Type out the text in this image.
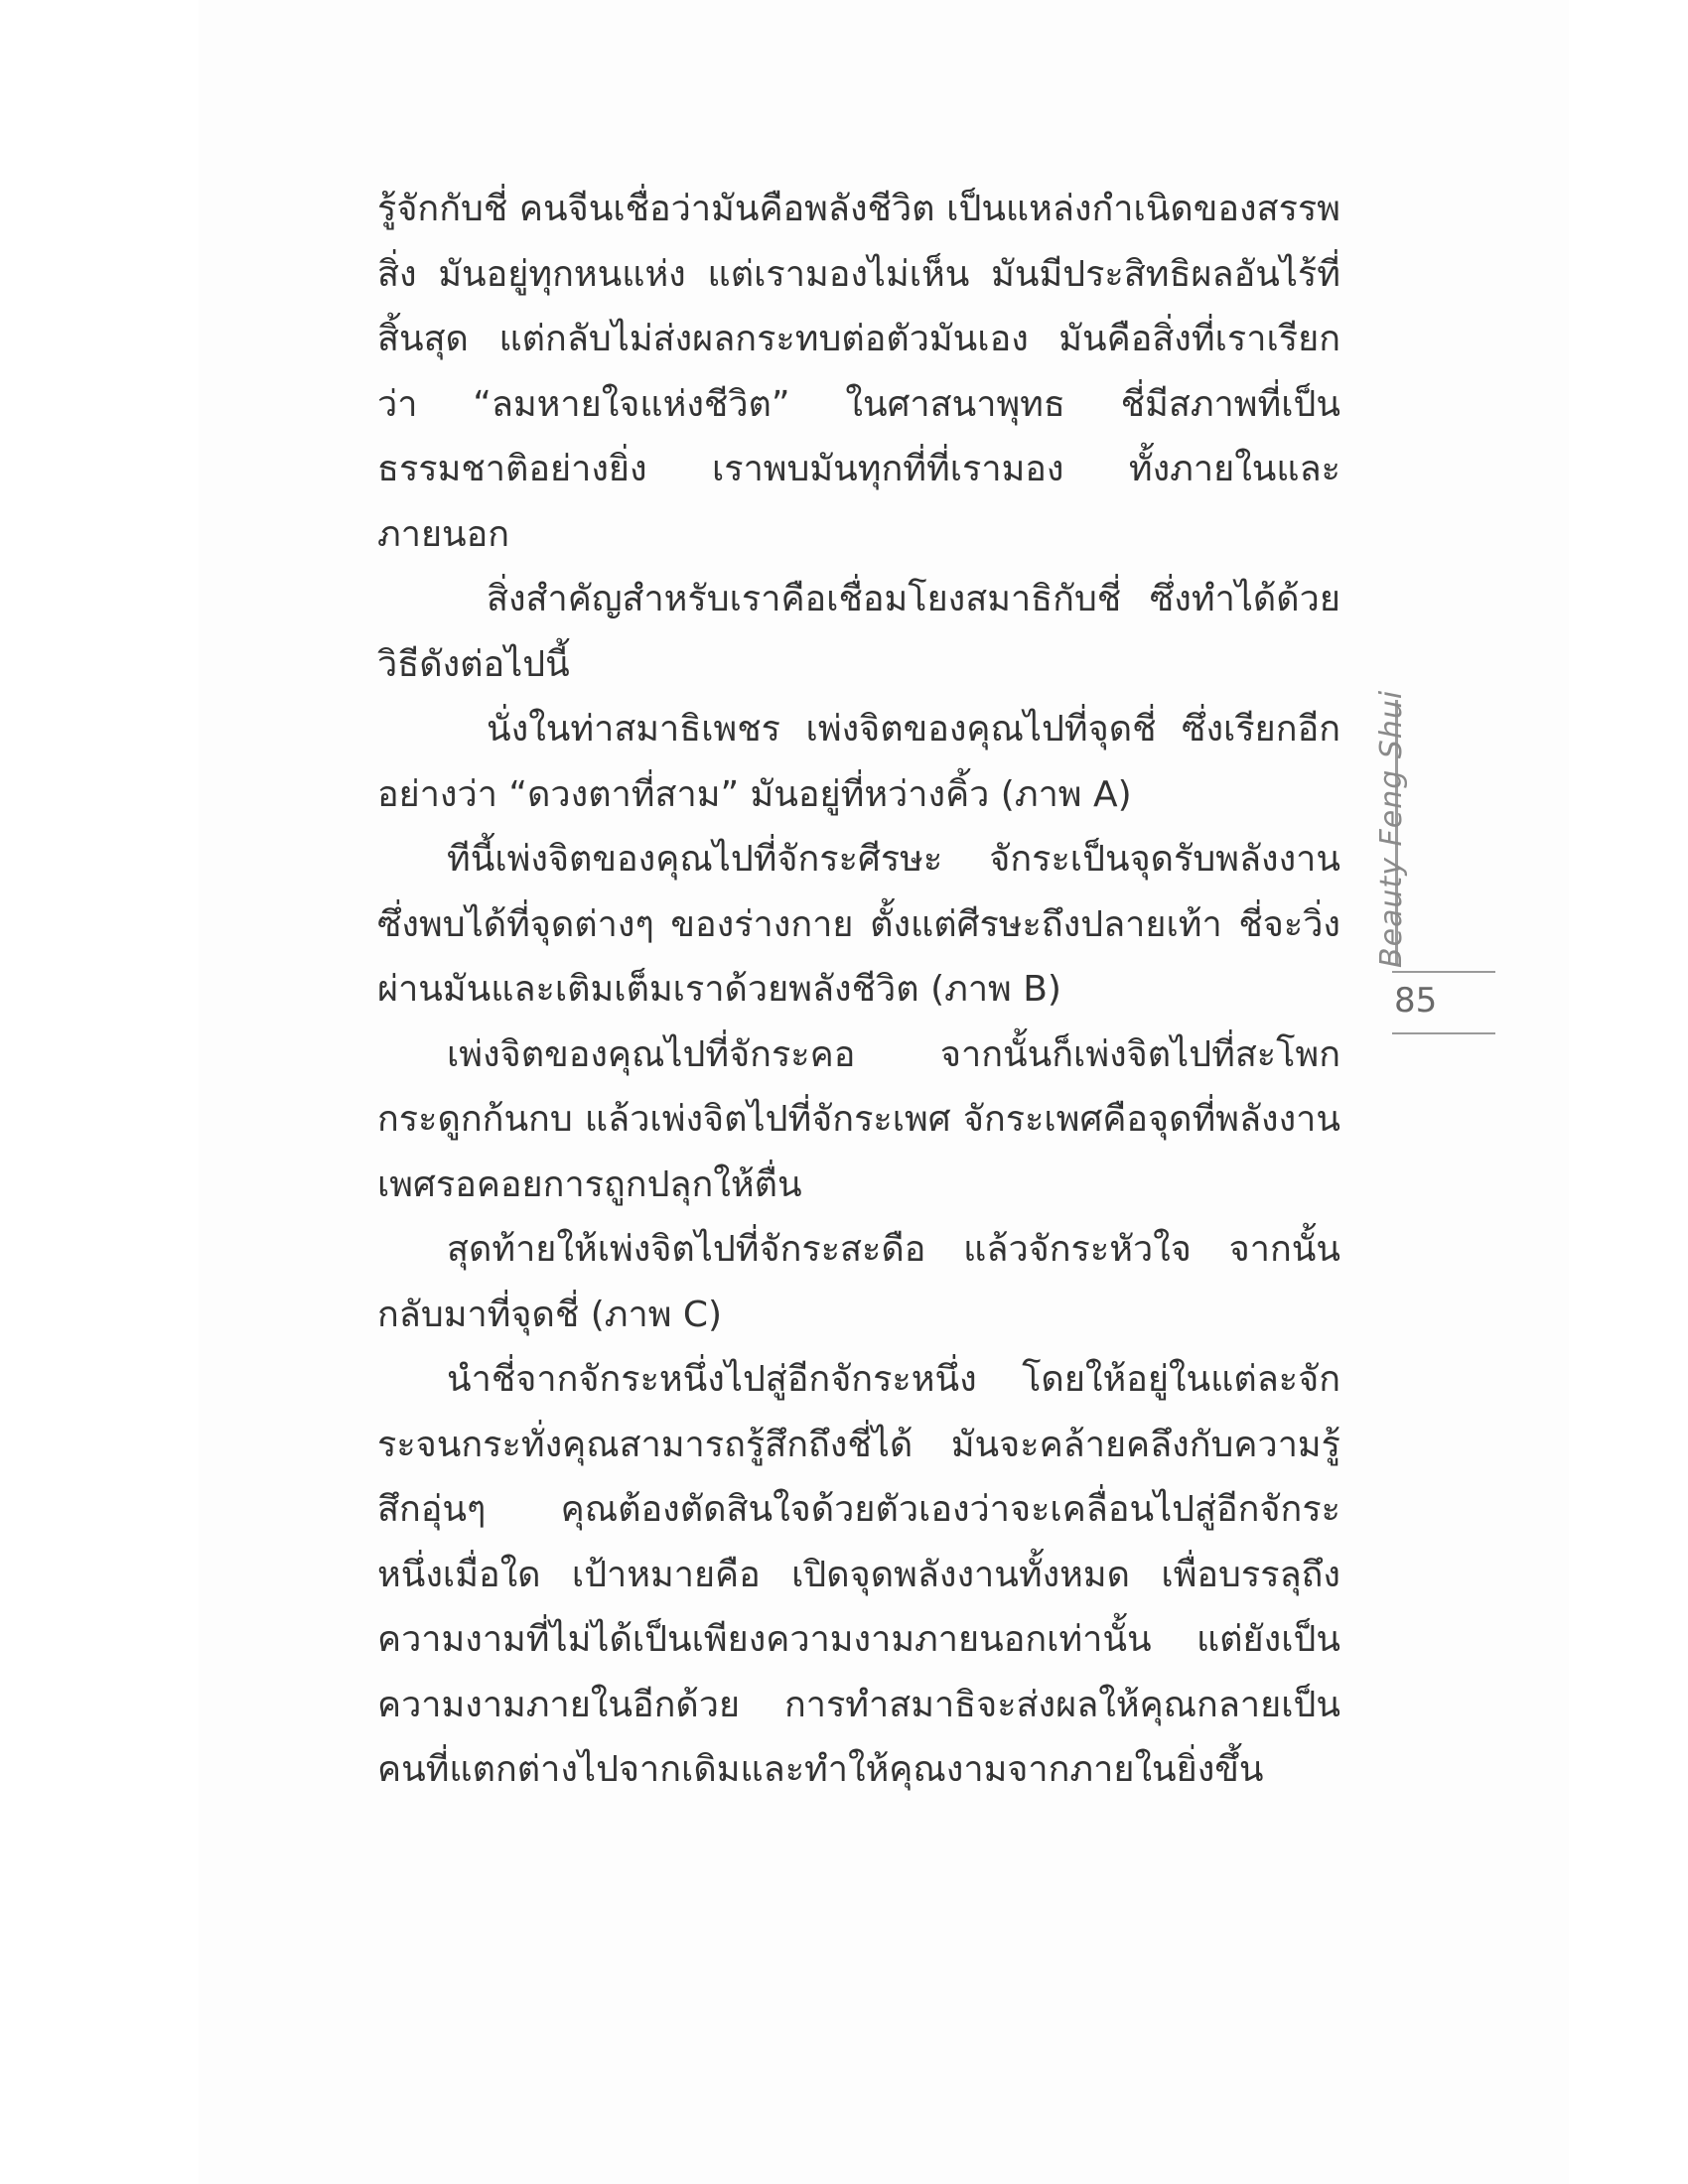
รู้จักกับชี่ คนจีนเชื่อว่ามันคือพลังชีวิต เป็นแหล่งกำเนิดของสรรพสิ่ง มันอยู่ทุกหนแห่ง แต่เรามองไม่เห็น มันมีประสิทธิผลอันไร้ที่สิ้นสุด แต่กลับไม่ส่งผลกระทบต่อตัวมันเอง มันคือสิ่งที่เราเรียกว่า “ลมหายใจแห่งชีวิต” ในศาสนาพุทธ ชี่มีสภาพที่เป็นธรรมชาติอย่างยิ่ง เราพบมันทุกที่ที่เรามอง ทั้งภายในและภายนอก

สิ่งสำคัญสำหรับเราคือเชื่อมโยงสมาธิกับชี่ ซึ่งทำได้ด้วยวิธีดังต่อไปนี้

นั่งในท่าสมาธิเพชร เพ่งจิตของคุณไปที่จุดชี่ ซึ่งเรียกอีกอย่างว่า “ดวงตาที่สาม” มันอยู่ที่หว่างคิ้ว (ภาพ A)

ทีนี้เพ่งจิตของคุณไปที่จักระศีรษะ จักระเป็นจุดรับพลังงานซึ่งพบได้ที่จุดต่างๆ ของร่างกาย ตั้งแต่ศีรษะถึงปลายเท้า ชี่จะวิ่งผ่านมันและเติมเต็มเราด้วยพลังชีวิต (ภาพ B)

เพ่งจิตของคุณไปที่จักระคอ จากนั้นก็เพ่งจิตไปที่สะโพก กระดูกก้นกบ แล้วเพ่งจิตไปที่จักระเพศ จักระเพศคือจุดที่พลังงานเพศรอคอยการถูกปลุกให้ตื่น

สุดท้ายให้เพ่งจิตไปที่จักระสะดือ แล้วจักระหัวใจ จากนั้นกลับมาที่จุดชี่ (ภาพ C)

นำชี่จากจักระหนึ่งไปสู่อีกจักระหนึ่ง โดยให้อยู่ในแต่ละจักระจนกระทั่งคุณสามารถรู้สึกถึงชี่ได้ มันจะคล้ายคลึงกับความรู้สึกอุ่นๆ คุณต้องตัดสินใจด้วยตัวเองว่าจะเคลื่อนไปสู่อีกจักระหนึ่งเมื่อใด เป้าหมายคือ เปิดจุดพลังงานทั้งหมด เพื่อบรรลุถึงความงามที่ไม่ได้เป็นเพียงความงามภายนอกเท่านั้น แต่ยังเป็นความงามภายในอีกด้วย การทำสมาธิจะส่งผลให้คุณกลายเป็นคนที่แตกต่างไปจากเดิมและทำให้คุณงามจากภายในยิ่งขึ้น

Beauty Feng Shui
85
